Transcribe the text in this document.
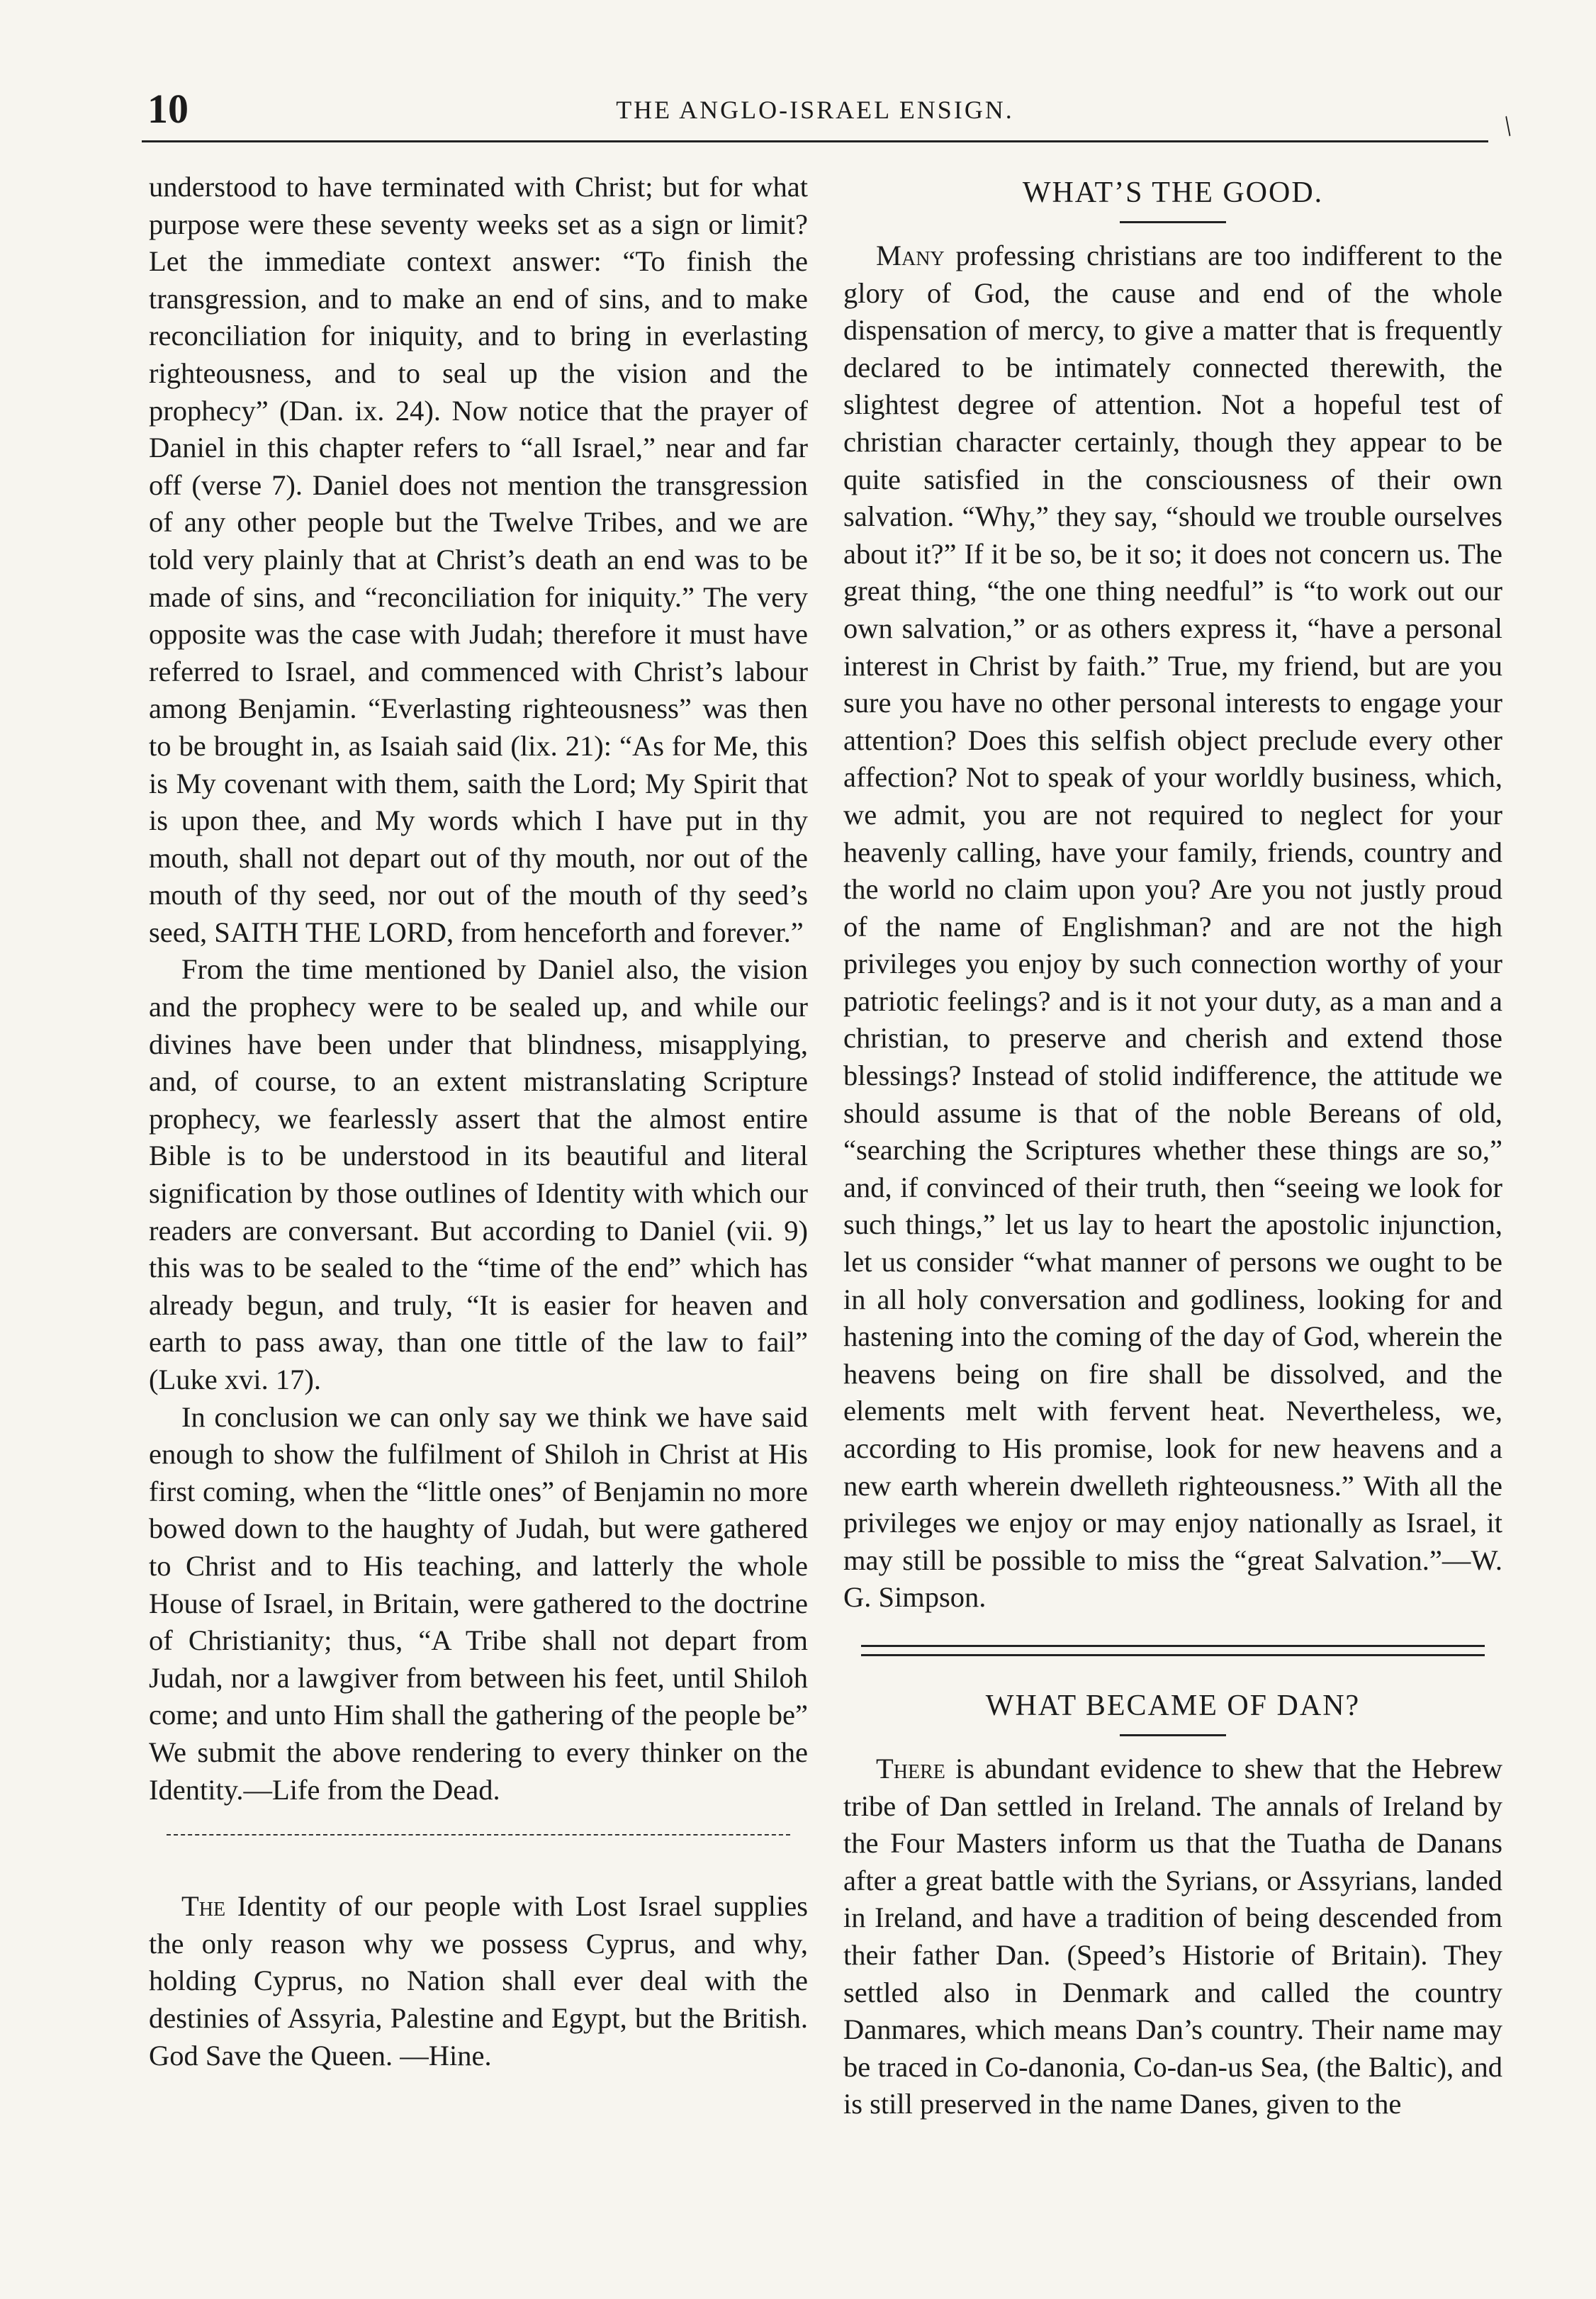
10	THE ANGLO-ISRAEL ENSIGN.
/

understood to have terminated with Christ; but for what purpose were these seventy weeks set as a sign or limit? Let the immediate context answer: “To finish the transgression, and to make an end of sins, and to make reconciliation for iniquity, and to bring in everlasting righteousness, and to seal up the vision and the prophecy” (Dan. ix. 24). Now notice that the prayer of Daniel in this chapter refers to “all Israel,” near and far off (verse 7). Daniel does not mention the transgression of any other people but the Twelve Tribes, and we are told very plainly that at Christ’s death an end was to be made of sins, and “reconciliation for iniquity.” The very opposite was the case with Judah; therefore it must have referred to Israel, and commenced with Christ’s labour among Benjamin. “Everlasting righteousness” was then to be brought in, as Isaiah said (lix. 21): “As for Me, this is My covenant with them, saith the Lord; My Spirit that is upon thee, and My words which I have put in thy mouth, shall not depart out of thy mouth, nor out of the mouth of thy seed, nor out of the mouth of thy seed’s seed, SAITH THE LORD, from henceforth and forever.”

From the time mentioned by Daniel also, the vision and the prophecy were to be sealed up, and while our divines have been under that blindness, misapplying, and, of course, to an extent mistranslating Scripture prophecy, we fearlessly assert that the almost entire Bible is to be understood in its beautiful and literal signification by those outlines of Identity with which our readers are conversant. But according to Daniel (vii. 9) this was to be sealed to the “time of the end” which has already begun, and truly, “It is easier for heaven and earth to pass away, than one tittle of the law to fail” (Luke xvi. 17).

In conclusion we can only say we think we have said enough to show the fulfilment of Shiloh in Christ at His first coming, when the “little ones” of Benjamin no more bowed down to the haughty of Judah, but were gathered to Christ and to His teaching, and latterly the whole House of Israel, in Britain, were gathered to the doctrine of Christianity; thus, “A Tribe shall not depart from Judah, nor a lawgiver from between his feet, until Shiloh come; and unto Him shall the gathering of the people be” We submit the above rendering to every thinker on the Identity.—Life from the Dead.

The Identity of our people with Lost Israel supplies the only reason why we possess Cyprus, and why, holding Cyprus, no Nation shall ever deal with the destinies of Assyria, Palestine and Egypt, but the British. God Save the Queen. —Hine.

WHAT’S THE GOOD.

Many professing christians are too indifferent to the glory of God, the cause and end of the whole dispensation of mercy, to give a matter that is frequently declared to be intimately connected therewith, the slightest degree of attention. Not a hopeful test of christian character certainly, though they appear to be quite satisfied in the consciousness of their own salvation. “Why,” they say, “should we trouble ourselves about it?” If it be so, be it so; it does not concern us. The great thing, “the one thing needful” is “to work out our own salvation,” or as others express it, “have a personal interest in Christ by faith.” True, my friend, but are you sure you have no other personal interests to engage your attention? Does this selfish object preclude every other affection? Not to speak of your worldly business, which, we admit, you are not required to neglect for your heavenly calling, have your family, friends, country and the world no claim upon you? Are you not justly proud of the name of Englishman? and are not the high privileges you enjoy by such connection worthy of your patriotic feelings? and is it not your duty, as a man and a christian, to preserve and cherish and extend those blessings? Instead of stolid indifference, the attitude we should assume is that of the noble Bereans of old, “searching the Scriptures whether these things are so,” and, if convinced of their truth, then “seeing we look for such things,” let us lay to heart the apostolic injunction, let us consider “what manner of persons we ought to be in all holy conversation and godliness, looking for and hastening into the coming of the day of God, wherein the heavens being on fire shall be dissolved, and the elements melt with fervent heat. Nevertheless, we, according to His promise, look for new heavens and a new earth wherein dwelleth righteousness.” With all the privileges we enjoy or may enjoy nationally as Israel, it may still be possible to miss the “great Salvation.”—W. G. Simpson.

WHAT BECAME OF DAN?

There is abundant evidence to shew that the Hebrew tribe of Dan settled in Ireland. The annals of Ireland by the Four Masters inform us that the Tuatha de Danans after a great battle with the Syrians, or Assyrians, landed in Ireland, and have a tradition of being descended from their father Dan. (Speed’s Historie of Britain). They settled also in Denmark and called the country Danmares, which means Dan’s country. Their name may be traced in Co-danonia, Co-dan-us Sea, (the Baltic), and is still preserved in the name Danes, given to the
